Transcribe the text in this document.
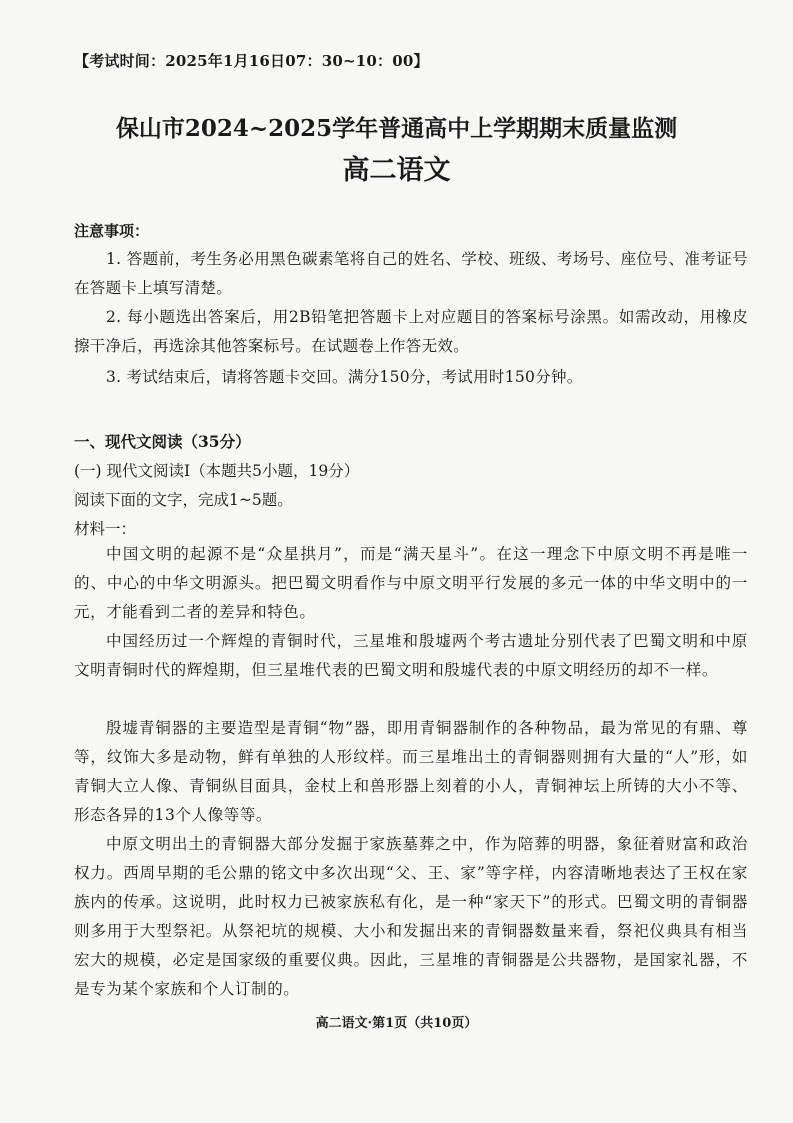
【考试时间：2025年1月16日07：30~10：00】
保山市2024~2025学年普通高中上学期期末质量监测
高二语文
注意事项：
1. 答题前，考生务必用黑色碳素笔将自己的姓名、学校、班级、考场号、座位号、准考证号在答题卡上填写清楚。
2. 每小题选出答案后，用2B铅笔把答题卡上对应题目的答案标号涂黑。如需改动，用橡皮擦干净后，再选涂其他答案标号。在试题卷上作答无效。
3. 考试结束后，请将答题卡交回。满分150分，考试用时150分钟。
一、现代文阅读（35分）
(一) 现代文阅读Ⅰ（本题共5小题，19分）
阅读下面的文字，完成1~5题。
材料一：
中国文明的起源不是“众星拱月”，而是“满天星斗”。在这一理念下中原文明不再是唯一的、中心的中华文明源头。把巴蜀文明看作与中原文明平行发展的多元一体的中华文明中的一元，才能看到二者的差异和特色。
中国经历过一个辉煌的青铜时代，三星堆和殷墟两个考古遗址分别代表了巴蜀文明和中原文明青铜时代的辉煌期，但三星堆代表的巴蜀文明和殷墟代表的中原文明经历的却不一样。
殷墟青铜器的主要造型是青铜“物”器，即用青铜器制作的各种物品，最为常见的有鼎、尊等，纹饰大多是动物，鲜有单独的人形纹样。而三星堆出土的青铜器则拥有大量的“人”形，如青铜大立人像、青铜纵目面具，金杖上和兽形器上刻着的小人，青铜神坛上所铸的大小不等、形态各异的13个人像等等。
中原文明出土的青铜器大部分发掘于家族墓葬之中，作为陪葬的明器，象征着财富和政治权力。西周早期的毛公鼎的铭文中多次出现“父、王、家”等字样，内容清晰地表达了王权在家族内的传承。这说明，此时权力已被家族私有化，是一种“家天下”的形式。巴蜀文明的青铜器则多用于大型祭祀。从祭祀坑的规模、大小和发掘出来的青铜器数量来看，祭祀仪典具有相当宏大的规模，必定是国家级的重要仪典。因此，三星堆的青铜器是公共器物，是国家礼器，不是专为某个家族和个人订制的。
高二语文·第1页（共10页）
